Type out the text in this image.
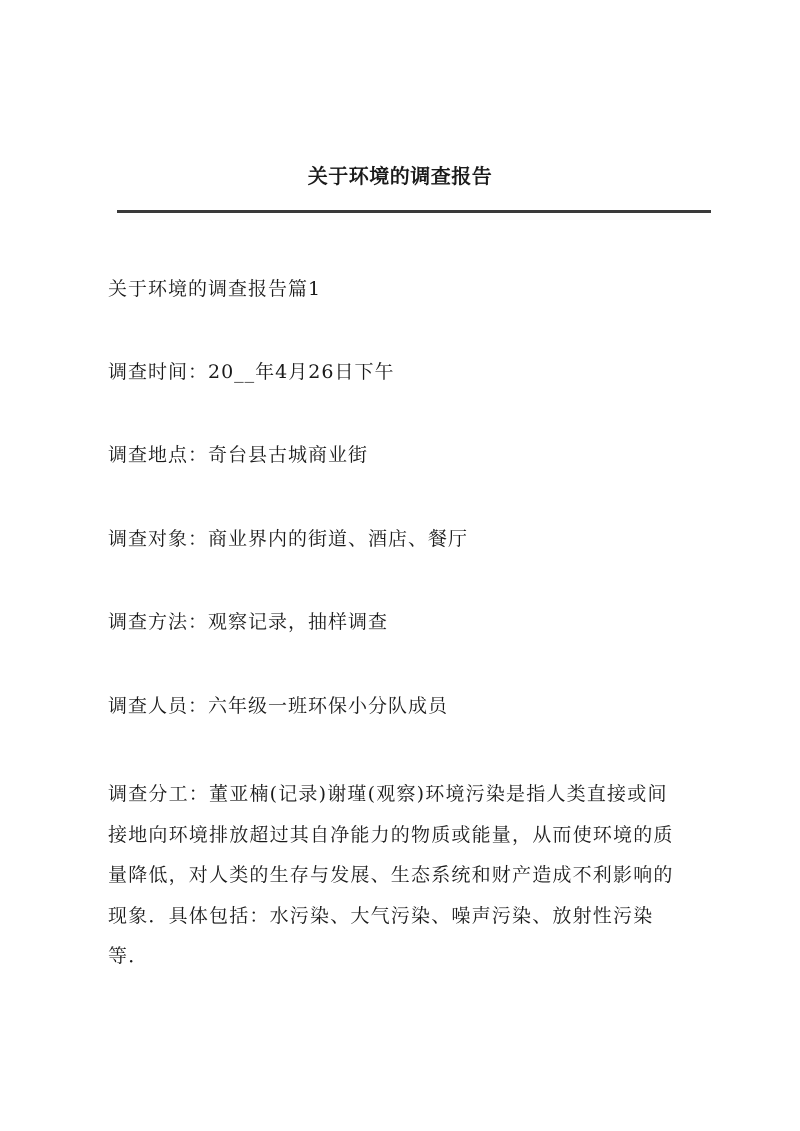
关于环境的调查报告
关于环境的调查报告篇1
调查时间：20__年4月26日下午
调查地点：奇台县古城商业街
调查对象：商业界内的街道、酒店、餐厅
调查方法：观察记录，抽样调查
调查人员：六年级一班环保小分队成员
调查分工：董亚楠(记录)谢瑾(观察)环境污染是指人类直接或间
接地向环境排放超过其自净能力的物质或能量，从而使环境的质
量降低，对人类的生存与发展、生态系统和财产造成不利影响的
现象．具体包括：水污染、大气污染、噪声污染、放射性污染
等．
